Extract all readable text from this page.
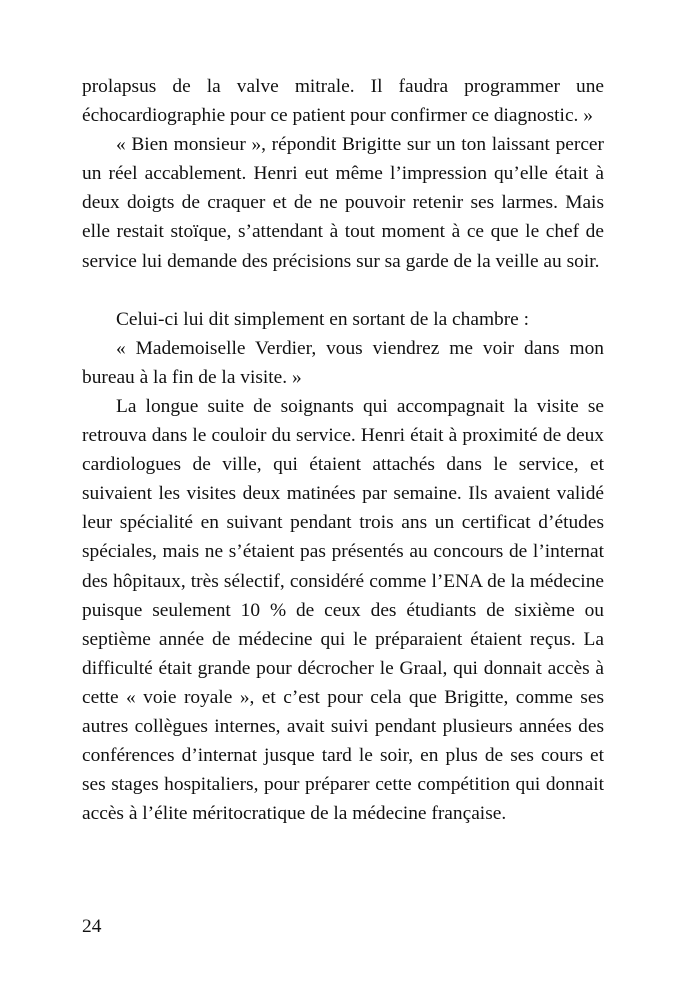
prolapsus de la valve mitrale. Il faudra programmer une échocardiographie pour ce patient pour confirmer ce diagnostic. »

« Bien monsieur », répondit Brigitte sur un ton laissant percer un réel accablement. Henri eut même l’impression qu’elle était à deux doigts de craquer et de ne pouvoir retenir ses larmes. Mais elle restait stoïque, s’attendant à tout moment à ce que le chef de service lui demande des précisions sur sa garde de la veille au soir.

Celui-ci lui dit simplement en sortant de la chambre :

« Mademoiselle Verdier, vous viendrez me voir dans mon bureau à la fin de la visite. »

La longue suite de soignants qui accompagnait la visite se retrouva dans le couloir du service. Henri était à proximité de deux cardiologues de ville, qui étaient attachés dans le service, et suivaient les visites deux matinées par semaine. Ils avaient validé leur spécialité en suivant pendant trois ans un certificat d’études spéciales, mais ne s’étaient pas présentés au concours de l’internat des hôpitaux, très sélectif, considéré comme l’ENA de la médecine puisque seulement 10 % de ceux des étudiants de sixième ou septième année de médecine qui le préparaient étaient reçus. La difficulté était grande pour décrocher le Graal, qui donnait accès à cette « voie royale », et c’est pour cela que Brigitte, comme ses autres collègues internes, avait suivi pendant plusieurs années des conférences d’internat jusque tard le soir, en plus de ses cours et ses stages hospitaliers, pour préparer cette compétition qui donnait accès à l’élite méritocratique de la médecine française.

24
